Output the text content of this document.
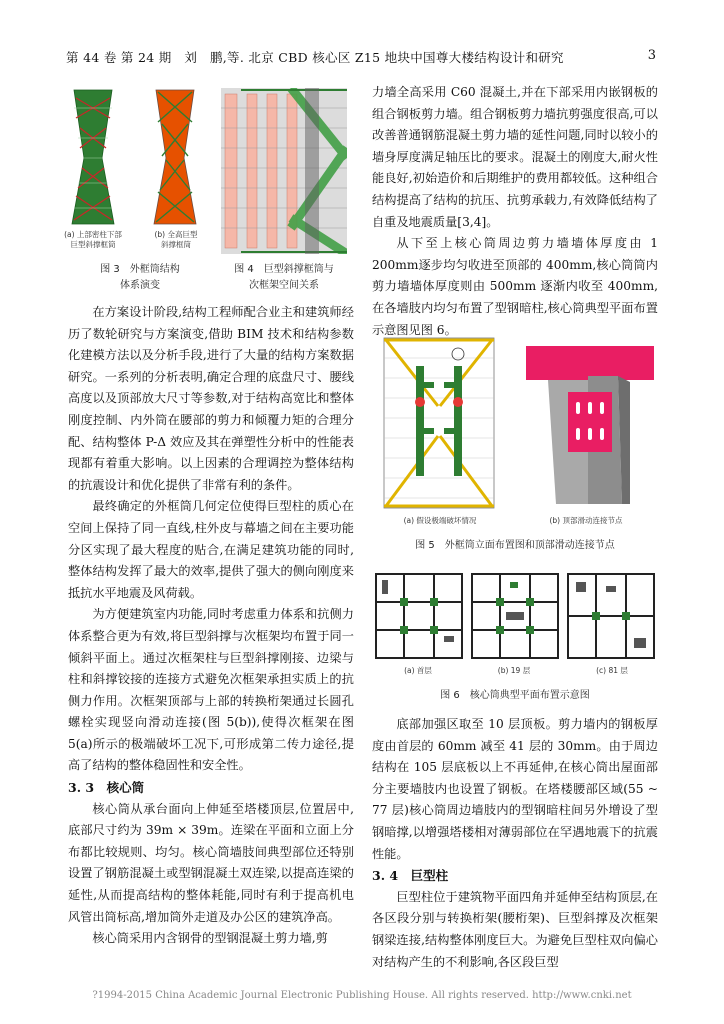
第 44 卷 第 24 期　刘　鹏,等. 北京 CBD 核心区 Z15 地块中国尊大楼结构设计和研究	3
(a) 上部密柱下部
巨型斜撑框筒
(b) 全高巨型
斜撑框筒
图 3　外框筒结构
体系演变
图 4　巨型斜撑框筒与
次框架空间关系

在方案设计阶段,结构工程师配合业主和建筑师经历了数轮研究与方案演变,借助 BIM 技术和结构参数化建模方法以及分析手段,进行了大量的结构方案数据研究。一系列的分析表明,确定合理的底盘尺寸、腰线高度以及顶部放大尺寸等参数,对于结构高宽比和整体刚度控制、内外筒在腰部的剪力和倾覆力矩的合理分配、结构整体 P-Δ 效应及其在弹塑性分析中的性能表现都有着重大影响。以上因素的合理调控为整体结构的抗震设计和优化提供了非常有利的条件。

最终确定的外框筒几何定位使得巨型柱的质心在空间上保持了同一直线,柱外皮与幕墙之间在主要功能分区实现了最大程度的贴合,在满足建筑功能的同时,整体结构发挥了最大的效率,提供了强大的侧向刚度来抵抗水平地震及风荷载。

为方便建筑室内功能,同时考虑重力体系和抗侧力体系整合更为有效,将巨型斜撑与次框架均布置于同一倾斜平面上。通过次框架柱与巨型斜撑刚接、边梁与柱和斜撑铰接的连接方式避免次框架承担实质上的抗侧力作用。次框架顶部与上部的转换桁架通过长圆孔螺栓实现竖向滑动连接(图 5(b)),使得次框架在图 5(a)所示的极端破坏工况下,可形成第二传力途径,提高了结构的整体稳固性和安全性。

3. 3　核心筒

核心筒从承台面向上伸延至塔楼顶层,位置居中,底部尺寸约为 39m × 39m。连梁在平面和立面上分布都比较规则、均匀。核心筒墙肢间典型部位还特别设置了钢筋混凝土或型钢混凝土双连梁,以提高连梁的延性,从而提高结构的整体耗能,同时有利于提高机电风管出筒标高,增加筒外走道及办公区的建筑净高。

核心筒采用内含钢骨的型钢混凝土剪力墙,剪

力墙全高采用 C60 混凝土,并在下部采用内嵌钢板的组合钢板剪力墙。组合钢板剪力墙抗剪强度很高,可以改善普通钢筋混凝土剪力墙的延性问题,同时以较小的墙身厚度满足轴压比的要求。混凝土的刚度大,耐火性能良好,初始造价和后期维护的费用都较低。这种组合结构提高了结构的抗压、抗剪承载力,有效降低结构了自重及地震质量[3,4]。

从下至上核心筒周边剪力墙墙体厚度由 1 200mm逐步均匀收进至顶部的 400mm,核心筒筒内剪力墙墙体厚度则由 500mm 逐渐内收至 400mm,在各墙肢内均匀布置了型钢暗柱,核心筒典型平面布置示意图见图 6。

(a) 假设极端破坏情况	(b) 顶部滑动连接节点
图 5　外框筒立面布置图和顶部滑动连接节点
(a) 首层	(b) 19 层	(c) 81 层
图 6　核心筒典型平面布置示意图

底部加强区取至 10 层顶板。剪力墙内的钢板厚度由首层的 60mm 减至 41 层的 30mm。由于周边结构在 105 层底板以上不再延伸,在核心筒出屋面部分主要墙肢内也设置了钢板。在塔楼腰部区域(55 ~ 77 层)核心筒周边墙肢内的型钢暗柱间另外增设了型钢暗撑,以增强塔楼相对薄弱部位在罕遇地震下的抗震性能。

3. 4　巨型柱

巨型柱位于建筑物平面四角并延伸至结构顶层,在各区段分别与转换桁架(腰桁架)、巨型斜撑及次框架钢梁连接,结构整体刚度巨大。为避免巨型柱双向偏心对结构产生的不利影响,各区段巨型

?1994-2015 China Academic Journal Electronic Publishing House. All rights reserved. http://www.cnki.net
